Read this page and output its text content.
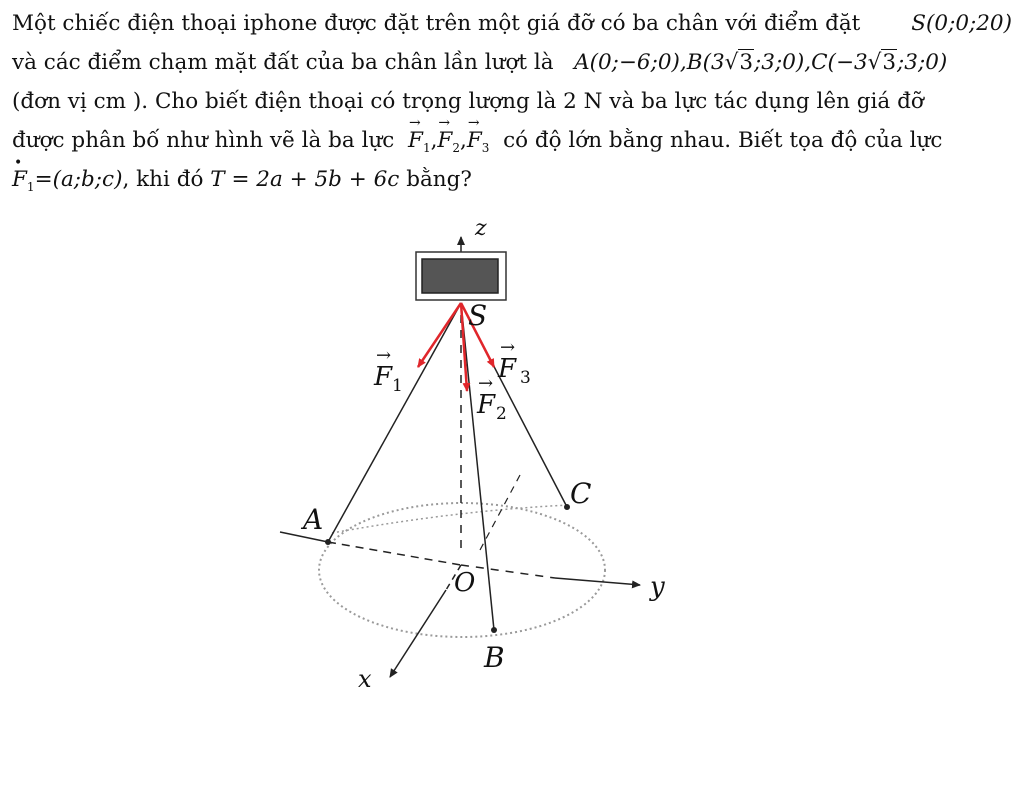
Một chiếc điện thoại iphone được đặt trên một giá đỡ có ba chân với điểm đặt S(0;0;20)
và các điểm chạm mặt đất của ba chân lần lượt là A(0;−6;0),B(3√3;3;0),C(−3√3;3;0)
(đơn vị cm ). Cho biết điện thoại có trọng lượng là 2 N và ba lực tác dụng lên giá đỡ
được phân bố như hình vẽ là ba lực  → $F_1,\to F_2,\to F_3$ có độ lớn bằng nhau. Biết tọa độ của lực
• $F_1=(a;b;c)$, khi đó T = 2a + 5b + 6c bằng?
z
S
F 1
→	F 3
→
F 2
→
A
C
O	y
B
x
